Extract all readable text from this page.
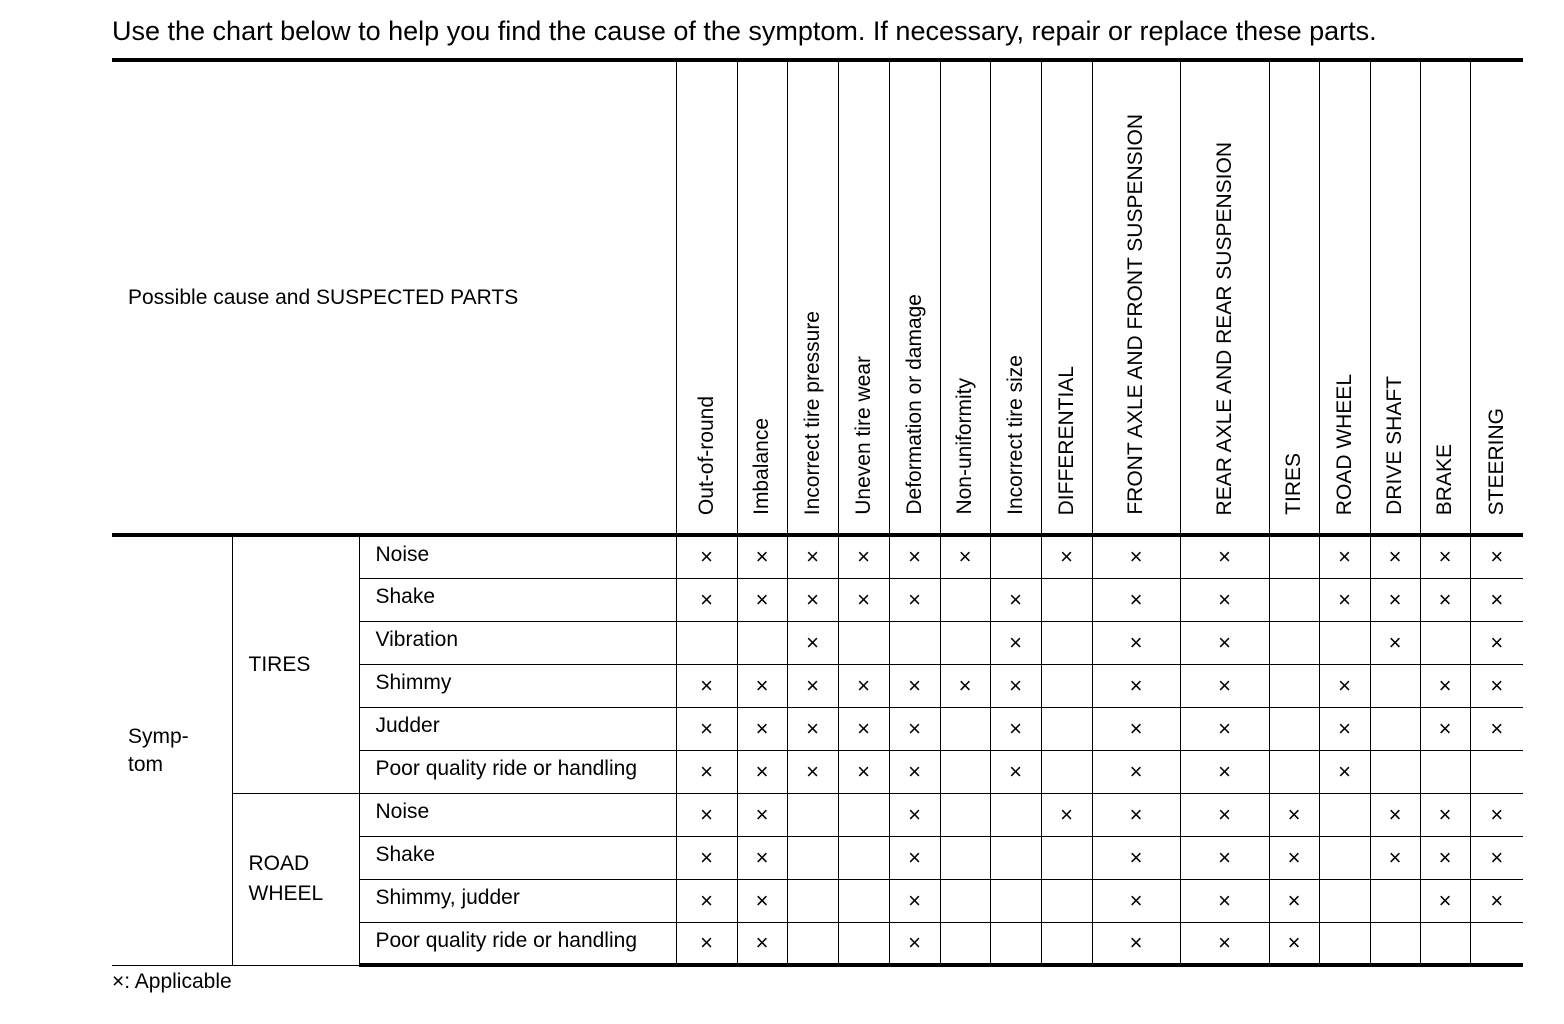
Use the chart below to help you find the cause of the symptom. If necessary, repair or replace these parts.
Possible cause and SUSPECTED PARTS			Out-of-round	Imbalance	Incorrect tire pressure	Uneven tire wear	Deformation or damage	Non-uniformity	Incorrect tire size	DIFFERENTIAL	FRONT AXLE AND FRONT SUSPENSION	REAR AXLE AND REAR SUSPENSION	TIRES	ROAD WHEEL	DRIVE SHAFT	BRAKE	STEERING

Symp-
tom	TIRES	Noise	×	×	×	×	×	×		×	×	×		×	×	×	×
		Shake	×	×	×	×	×		×		×	×		×	×	×	×
		Vibration			×				×		×	×			×		×
		Shimmy	×	×	×	×	×	×	×		×	×		×		×	×
		Judder	×	×	×	×	×		×		×	×		×		×	×
		Poor quality ride or handling	×	×	×	×	×		×		×	×		×			

	ROAD
WHEEL	Noise	×	×			×			×	×	×	×		×	×	×
		Shake	×	×			×				×	×	×		×	×	×
		Shimmy, judder	×	×			×				×	×	×			×	×
		Poor quality ride or handling	×	×			×				×	×	×				
×: Applicable
